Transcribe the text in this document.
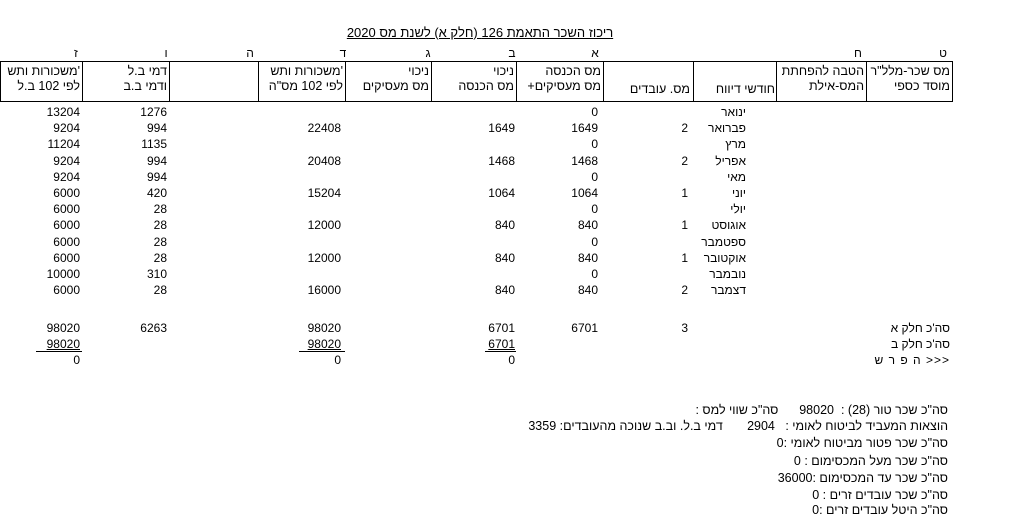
ריכוז השכר התאמת 126 (חלק א) לשנת מס 2020
ט
ח
א
ב
ג
ד
ה
ו
ז
מס שכר-מלל"ר
מוסד כספי
הטבה להפחתת
המס-אילת
חודשי דיווח
מס. עובדים
מס הכנסה
+מס מעסיקים
ניכוי
מס הכנסה
ניכוי
מס מעסיקים
משכורות ותש'
לפי 102 מס"ה
דמי ב.ל
ודמי ב.ב
משכורות ותש'
לפי 102 ב.ל
ינואר
0
1276
13204
פברואר
2
1649
1649
22408
994
9204
מרץ
0
1135
11204
אפריל
2
1468
1468
20408
994
9204
מאי
0
994
9204
יוני
1
1064
1064
15204
420
6000
יולי
0
28
6000
אוגוסט
1
840
840
12000
28
6000
ספטמבר
0
28
6000
אוקטובר
1
840
840
12000
28
6000
נובמבר
0
310
10000
דצמבר
2
840
840
16000
28
6000
סה'כ חלק א
3
6701
6701
98020
6263
98020
סה'כ חלק ב
6701
98020
98020
ה פ ר ש >>>
0
0
0
סה"כ שכר טור (28) :  98020      סה"כ שווי למס :
הוצאות המעביד לביטוח לאומי :   2904       דמי ב.ל. וב.ב שנוכה מהעובדים: 3359
סה"כ שכר פטור מביטוח לאומי :0
סה"כ שכר מעל המכסימום : 0
סה"כ שכר עד המכסימום :36000
סה"כ שכר עובדים זרים : 0
סה"כ היטל עובדים זרים :0
